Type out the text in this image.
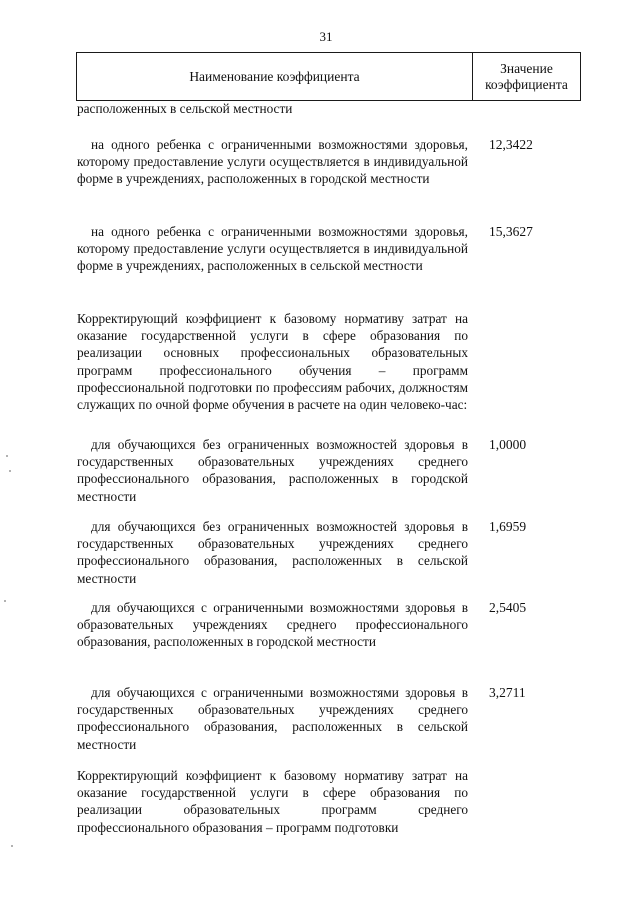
31
Наименование коэффициента
Значение
коэффициента
расположенных в сельской местности
на одного ребенка с ограниченными возможностями здоровья, которому предоставление услуги осуществляется в индивидуальной форме в учреждениях, расположенных в городской местности
12,3422
на одного ребенка с ограниченными возможностями здоровья, которому предоставление услуги осуществляется в индивидуальной форме в учреждениях, расположенных в сельской местности
15,3627
Корректирующий коэффициент к базовому нормативу затрат на оказание государственной услуги в сфере образования по реализации основных профессиональных образовательных программ профессионального обучения – программ профессиональной подготовки по профессиям рабочих, должностям служащих по очной форме обучения в расчете на один человеко-час:
для обучающихся без ограниченных возможностей здоровья в государственных образовательных учреждениях среднего профессионального образования, расположенных в городской местности
1,0000
для обучающихся без ограниченных возможностей здоровья в государственных образовательных учреждениях среднего профессионального образования, расположенных в сельской местности
1,6959
для обучающихся с ограниченными возможностями здоровья в образовательных учреждениях среднего профессионального образования, расположенных в городской местности
2,5405
для обучающихся с ограниченными возможностями здоровья в государственных образовательных учреждениях среднего профессионального образования, расположенных в сельской местности
3,2711
Корректирующий коэффициент к базовому нормативу затрат на оказание государственной услуги в сфере образования по реализации образовательных программ среднего профессионального образования – программ подготовки
